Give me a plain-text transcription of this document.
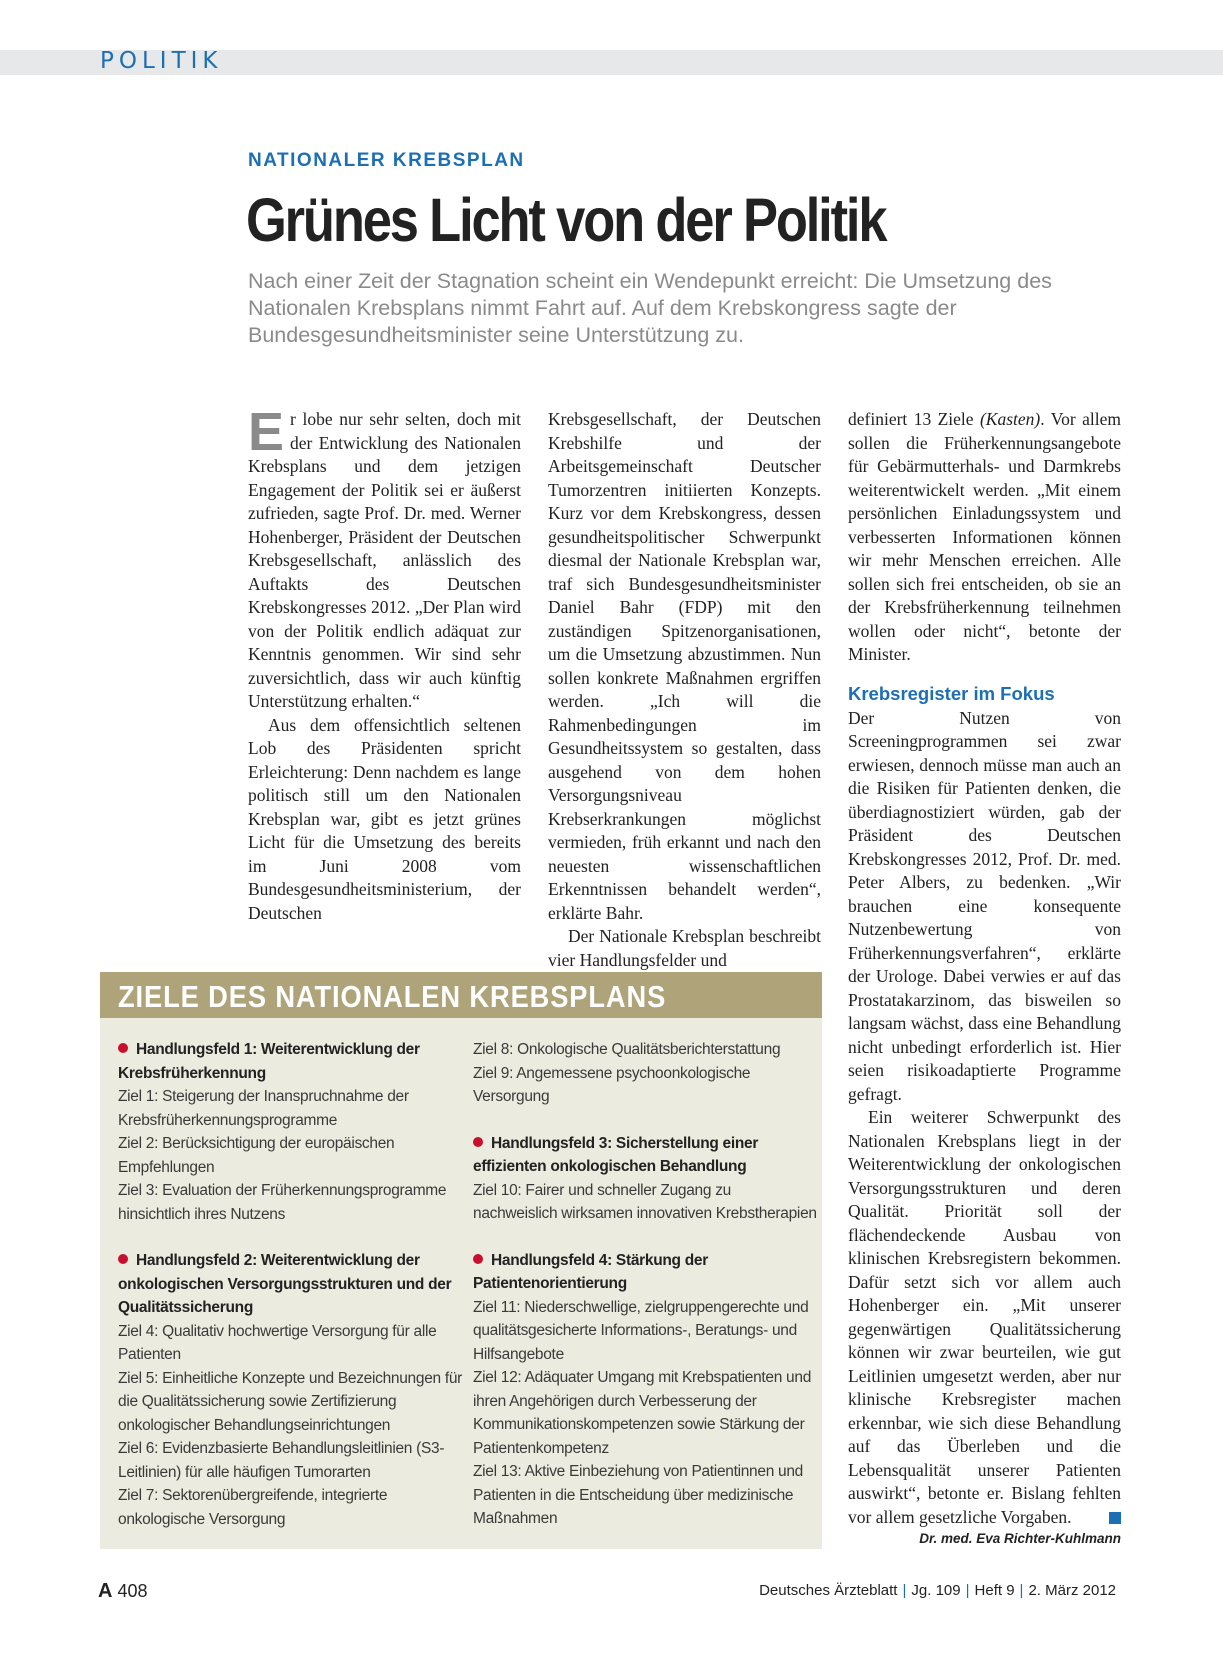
POLITIK
NATIONALER KREBSPLAN
Grünes Licht von der Politik
Nach einer Zeit der Stagnation scheint ein Wendepunkt erreicht: Die Umsetzung des Nationalen Krebsplans nimmt Fahrt auf. Auf dem Krebskongress sagte der Bundesgesundheitsminister seine Unterstützung zu.

Er lobe nur sehr selten, doch mit der Entwicklung des Nationalen Krebsplans und dem jetzigen Engagement der Politik sei er äußerst zufrieden, sagte Prof. Dr. med. Werner Hohenberger, Präsident der Deutschen Krebsgesellschaft, anlässlich des Auftakts des Deutschen Krebskongresses 2012. „Der Plan wird von der Politik endlich adäquat zur Kenntnis genommen. Wir sind sehr zuversichtlich, dass wir auch künftig Unterstützung erhalten.“

Aus dem offensichtlich seltenen Lob des Präsidenten spricht Erleichterung: Denn nachdem es lange politisch still um den Nationalen Krebsplan war, gibt es jetzt grünes Licht für die Umsetzung des bereits im Juni 2008 vom Bundesgesundheitsministerium, der Deutschen

Krebsgesellschaft, der Deutschen Krebshilfe und der Arbeitsgemeinschaft Deutscher Tumorzentren initiierten Konzepts. Kurz vor dem Krebskongress, dessen gesundheitspolitischer Schwerpunkt diesmal der Nationale Krebsplan war, traf sich Bundesgesundheitsminister Daniel Bahr (FDP) mit den zuständigen Spitzenorganisationen, um die Umsetzung abzustimmen. Nun sollen konkrete Maßnahmen ergriffen werden. „Ich will die Rahmenbedingungen im Gesundheitssystem so gestalten, dass ausgehend von dem hohen Versorgungsniveau Krebserkrankungen möglichst vermieden, früh erkannt und nach den neuesten wissenschaftlichen Erkenntnissen behandelt werden“, erklärte Bahr.

Der Nationale Krebsplan beschreibt vier Handlungsfelder und

definiert 13 Ziele (Kasten). Vor allem sollen die Früherkennungsangebote für Gebärmutterhals- und Darmkrebs weiterentwickelt werden. „Mit einem persönlichen Einladungssystem und verbesserten Informationen können wir mehr Menschen erreichen. Alle sollen sich frei entscheiden, ob sie an der Krebsfrüherkennung teilnehmen wollen oder nicht“, betonte der Minister.

Krebsregister im Fokus

Der Nutzen von Screeningprogrammen sei zwar erwiesen, dennoch müsse man auch an die Risiken für Patienten denken, die überdiagnostiziert würden, gab der Präsident des Deutschen Krebskongresses 2012, Prof. Dr. med. Peter Albers, zu bedenken. „Wir brauchen eine konsequente Nutzenbewertung von Früherkennungsverfahren“, erklärte der Urologe. Dabei verwies er auf das Prostatakarzinom, das bisweilen so langsam wächst, dass eine Behandlung nicht unbedingt erforderlich ist. Hier seien risikoadaptierte Programme gefragt.

Ein weiterer Schwerpunkt des Nationalen Krebsplans liegt in der Weiterentwicklung der onkologischen Versorgungsstrukturen und deren Qualität. Priorität soll der flächendeckende Ausbau von klinischen Krebsregistern bekommen. Dafür setzt sich vor allem auch Hohenberger ein. „Mit unserer gegenwärtigen Qualitätssicherung können wir zwar beurteilen, wie gut Leitlinien umgesetzt werden, aber nur klinische Krebsregister machen erkennbar, wie sich diese Behandlung auf das Überleben und die Lebensqualität unserer Patienten auswirkt“, betonte er. Bislang fehlten vor allem gesetzliche Vorgaben.

Dr. med. Eva Richter-Kuhlmann
ZIELE DES NATIONALEN KREBSPLANS
Handlungsfeld 1: Weiterentwicklung der Krebsfrüherkennung
Ziel 1: Steigerung der Inanspruchnahme der Krebsfrüherkennungsprogramme
Ziel 2: Berücksichtigung der europäischen Empfehlungen
Ziel 3: Evaluation der Früherkennungsprogramme hinsichtlich ihres Nutzens
Handlungsfeld 2: Weiterentwicklung der onkologischen Versorgungsstrukturen und der Qualitätssicherung
Ziel 4: Qualitativ hochwertige Versorgung für alle Patienten
Ziel 5: Einheitliche Konzepte und Bezeichnungen für die Qualitätssicherung sowie Zertifizierung onkologischer Behandlungseinrichtungen
Ziel 6: Evidenzbasierte Behandlungsleitlinien (S3-Leitlinien) für alle häufigen Tumorarten
Ziel 7: Sektorenübergreifende, integrierte onkologische Versorgung
Ziel 8: Onkologische Qualitätsberichterstattung
Ziel 9: Angemessene psychoonkologische Versorgung
Handlungsfeld 3: Sicherstellung einer effizienten onkologischen Behandlung
Ziel 10: Fairer und schneller Zugang zu nachweislich wirksamen innovativen Krebstherapien
Handlungsfeld 4: Stärkung der Patientenorientierung
Ziel 11: Niederschwellige, zielgruppengerechte und qualitätsgesicherte Informations-, Beratungs- und Hilfsangebote
Ziel 12: Adäquater Umgang mit Krebspatienten und ihren Angehörigen durch Verbesserung der Kommunikationskompetenzen sowie Stärkung der Patientenkompetenz
Ziel 13: Aktive Einbeziehung von Patientinnen und Patienten in die Entscheidung über medizinische Maßnahmen
A 408	Deutsches Ärzteblatt | Jg. 109 | Heft 9 | 2. März 2012
